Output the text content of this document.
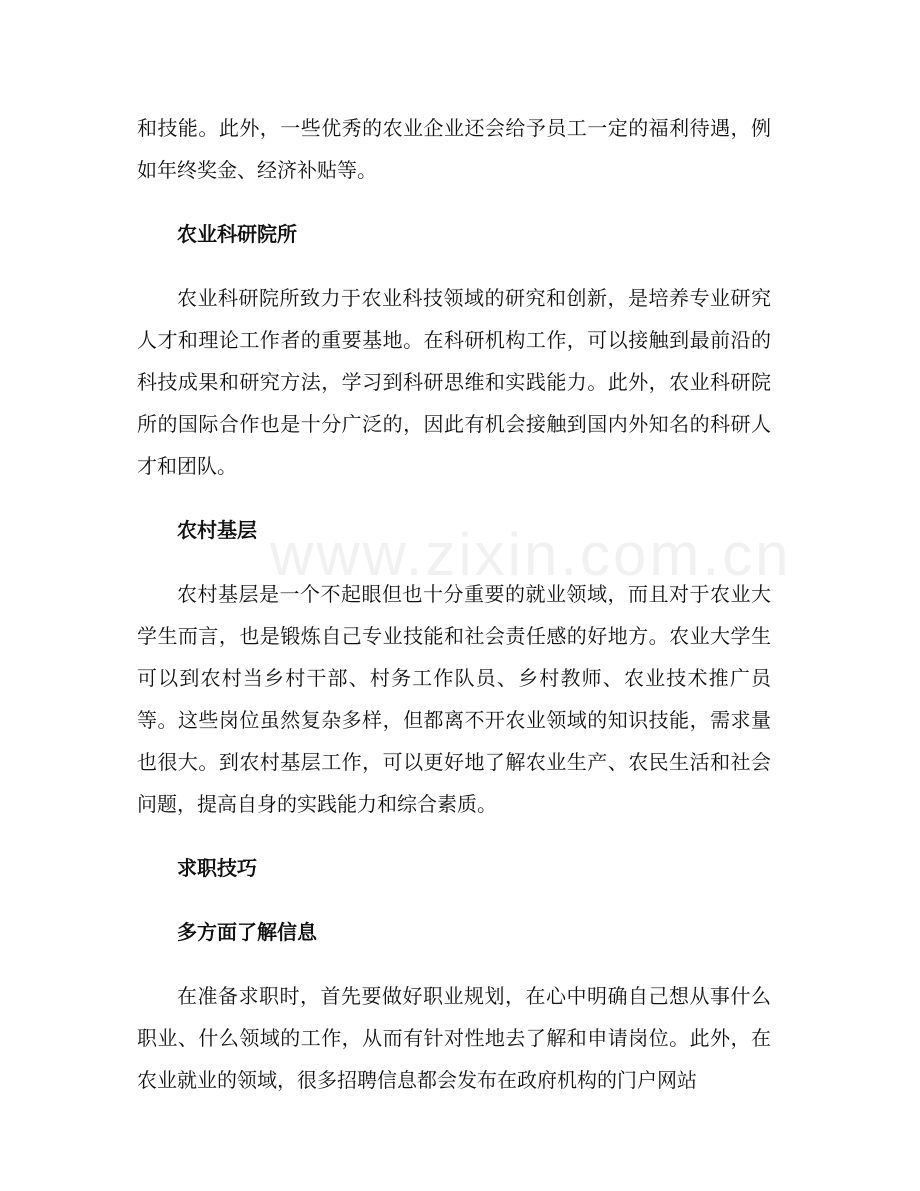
www.zixin.com.cn

和技能。此外，一些优秀的农业企业还会给予员工一定的福利待遇，例如年终奖金、经济补贴等。

农业科研院所

农业科研院所致力于农业科技领域的研究和创新，是培养专业研究人才和理论工作者的重要基地。在科研机构工作，可以接触到最前沿的科技成果和研究方法，学习到科研思维和实践能力。此外，农业科研院所的国际合作也是十分广泛的，因此有机会接触到国内外知名的科研人才和团队。

农村基层

农村基层是一个不起眼但也十分重要的就业领域，而且对于农业大学生而言，也是锻炼自己专业技能和社会责任感的好地方。农业大学生可以到农村当乡村干部、村务工作队员、乡村教师、农业技术推广员等。这些岗位虽然复杂多样，但都离不开农业领域的知识技能，需求量也很大。到农村基层工作，可以更好地了解农业生产、农民生活和社会问题，提高自身的实践能力和综合素质。

求职技巧
多方面了解信息

在准备求职时，首先要做好职业规划，在心中明确自己想从事什么职业、什么领域的工作，从而有针对性地去了解和申请岗位。此外，在农业就业的领域，很多招聘信息都会发布在政府机构的门户网站
